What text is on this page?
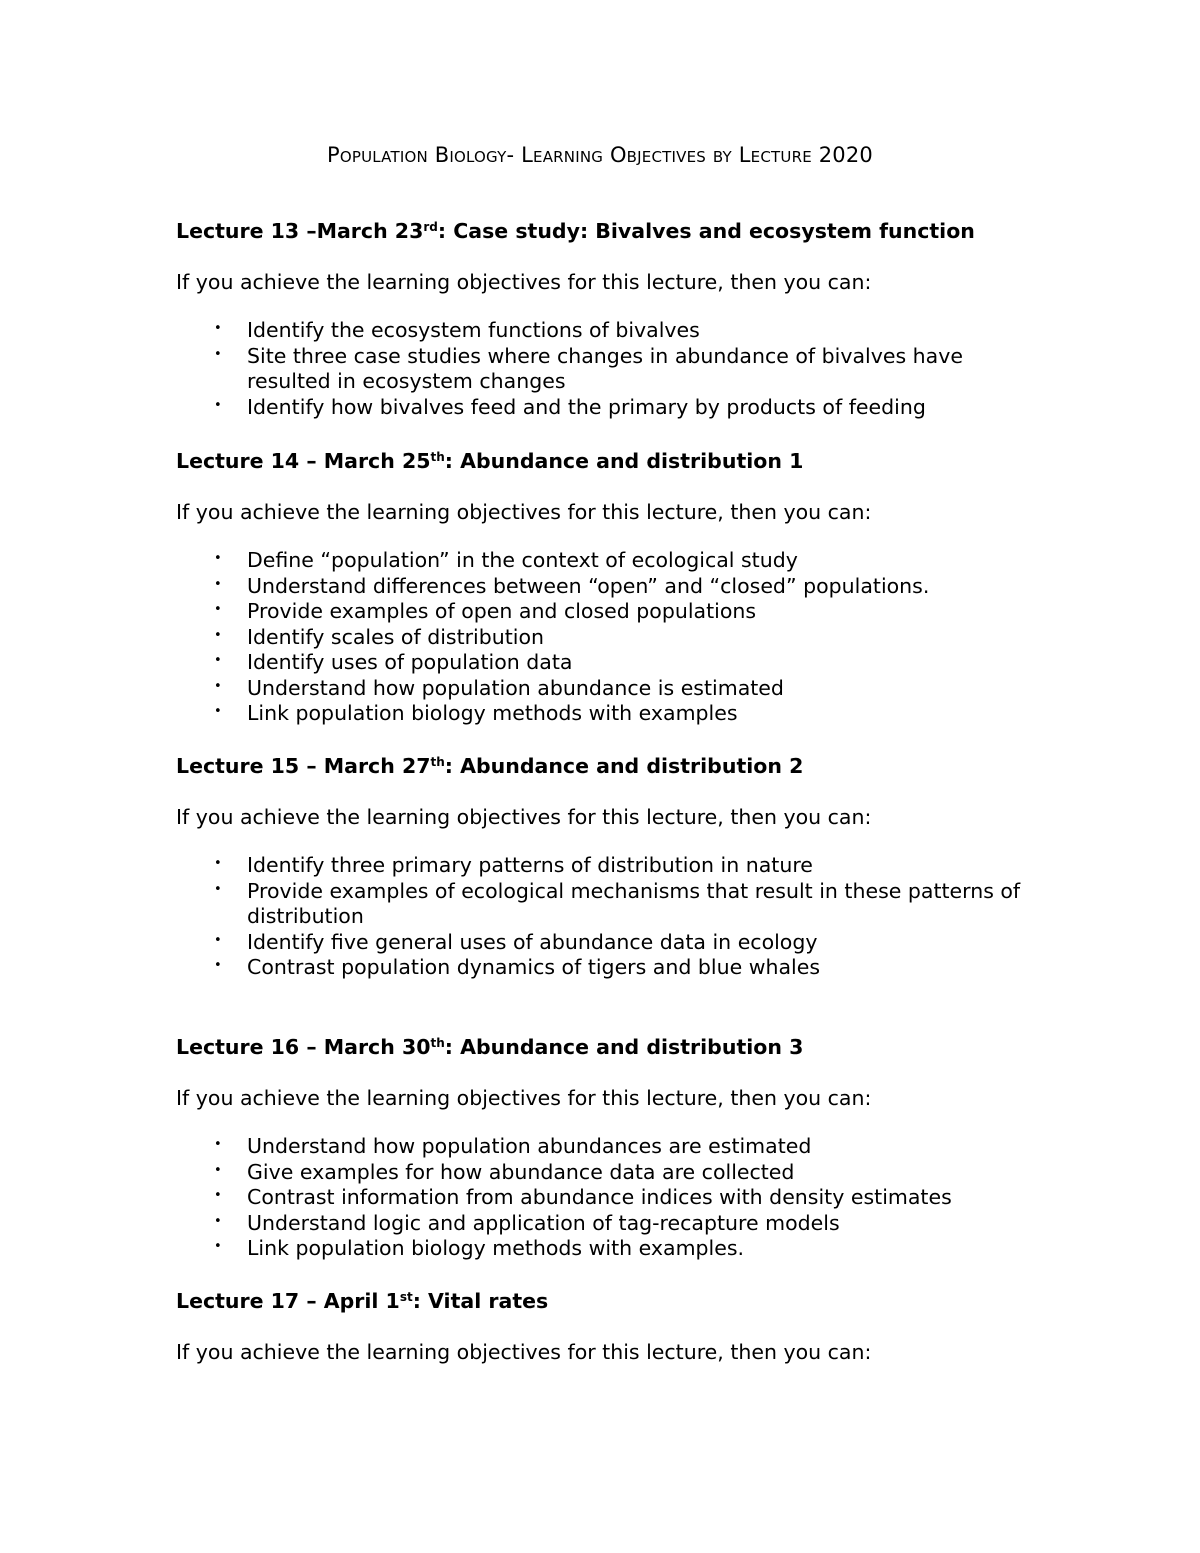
Population Biology- Learning Objectives by Lecture 2020
Lecture 13 –March 23rd: Case study: Bivalves and ecosystem function

If you achieve the learning objectives for this lecture, then you can:

• Identify the ecosystem functions of bivalves
• Site three case studies where changes in abundance of bivalves have resulted in ecosystem changes
• Identify how bivalves feed and the primary by products of feeding
Lecture 14 – March 25th: Abundance and distribution 1

If you achieve the learning objectives for this lecture, then you can:

• Define “population” in the context of ecological study
• Understand differences between “open” and “closed” populations.
• Provide examples of open and closed populations
• Identify scales of distribution
• Identify uses of population data
• Understand how population abundance is estimated
• Link population biology methods with examples
Lecture 15 – March 27th: Abundance and distribution 2

If you achieve the learning objectives for this lecture, then you can:

• Identify three primary patterns of distribution in nature
• Provide examples of ecological mechanisms that result in these patterns of distribution
• Identify five general uses of abundance data in ecology
• Contrast population dynamics of tigers and blue whales
Lecture 16 – March 30th: Abundance and distribution 3

If you achieve the learning objectives for this lecture, then you can:

• Understand how population abundances are estimated
• Give examples for how abundance data are collected
• Contrast information from abundance indices with density estimates
• Understand logic and application of tag-recapture models
• Link population biology methods with examples.
Lecture 17 – April 1st: Vital rates

If you achieve the learning objectives for this lecture, then you can:
